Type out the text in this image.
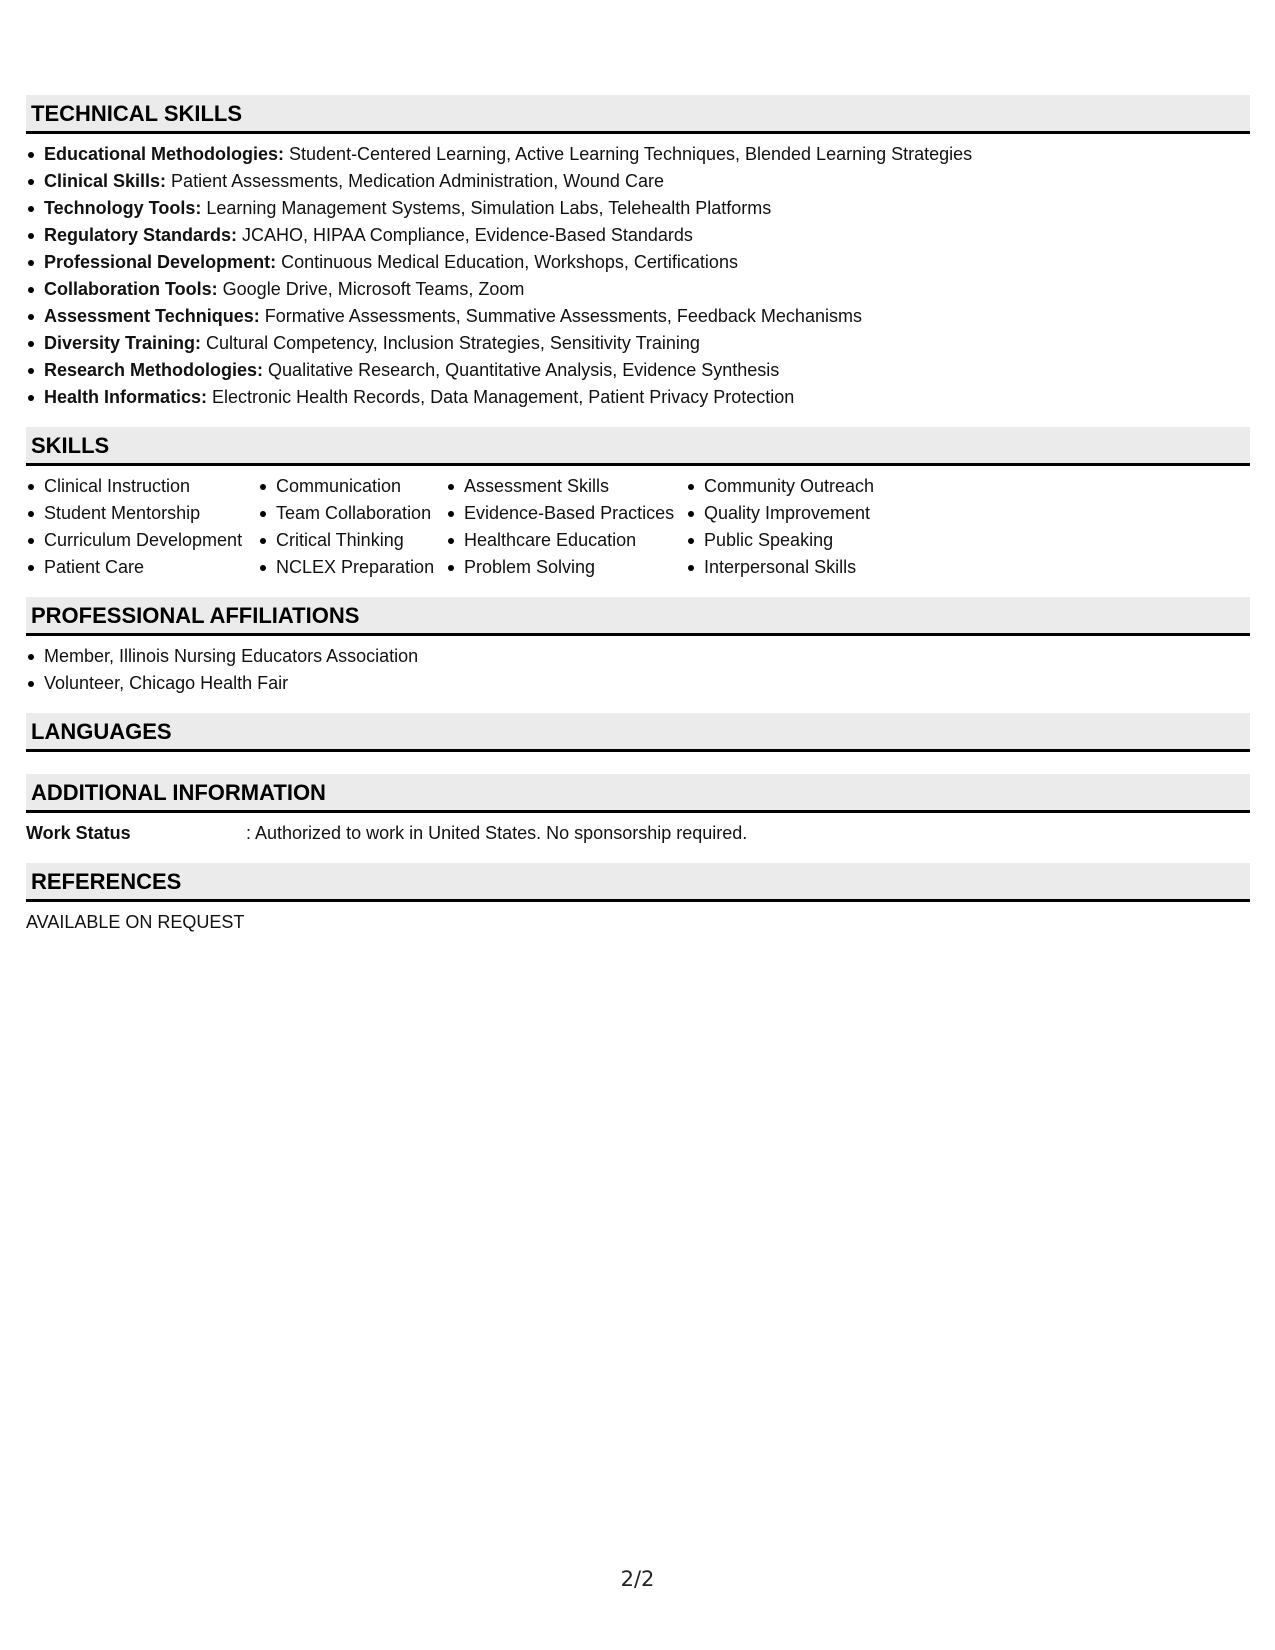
TECHNICAL SKILLS
Educational Methodologies: Student-Centered Learning, Active Learning Techniques, Blended Learning Strategies
Clinical Skills: Patient Assessments, Medication Administration, Wound Care
Technology Tools: Learning Management Systems, Simulation Labs, Telehealth Platforms
Regulatory Standards: JCAHO, HIPAA Compliance, Evidence-Based Standards
Professional Development: Continuous Medical Education, Workshops, Certifications
Collaboration Tools: Google Drive, Microsoft Teams, Zoom
Assessment Techniques: Formative Assessments, Summative Assessments, Feedback Mechanisms
Diversity Training: Cultural Competency, Inclusion Strategies, Sensitivity Training
Research Methodologies: Qualitative Research, Quantitative Analysis, Evidence Synthesis
Health Informatics: Electronic Health Records, Data Management, Patient Privacy Protection
SKILLS
Clinical Instruction
Student Mentorship
Curriculum Development
Patient Care
Communication
Team Collaboration
Critical Thinking
NCLEX Preparation
Assessment Skills
Evidence-Based Practices
Healthcare Education
Problem Solving
Community Outreach
Quality Improvement
Public Speaking
Interpersonal Skills
PROFESSIONAL AFFILIATIONS
Member, Illinois Nursing Educators Association
Volunteer, Chicago Health Fair
LANGUAGES
ADDITIONAL INFORMATION
Work Status	: Authorized to work in United States. No sponsorship required.
REFERENCES
AVAILABLE ON REQUEST
2/2
